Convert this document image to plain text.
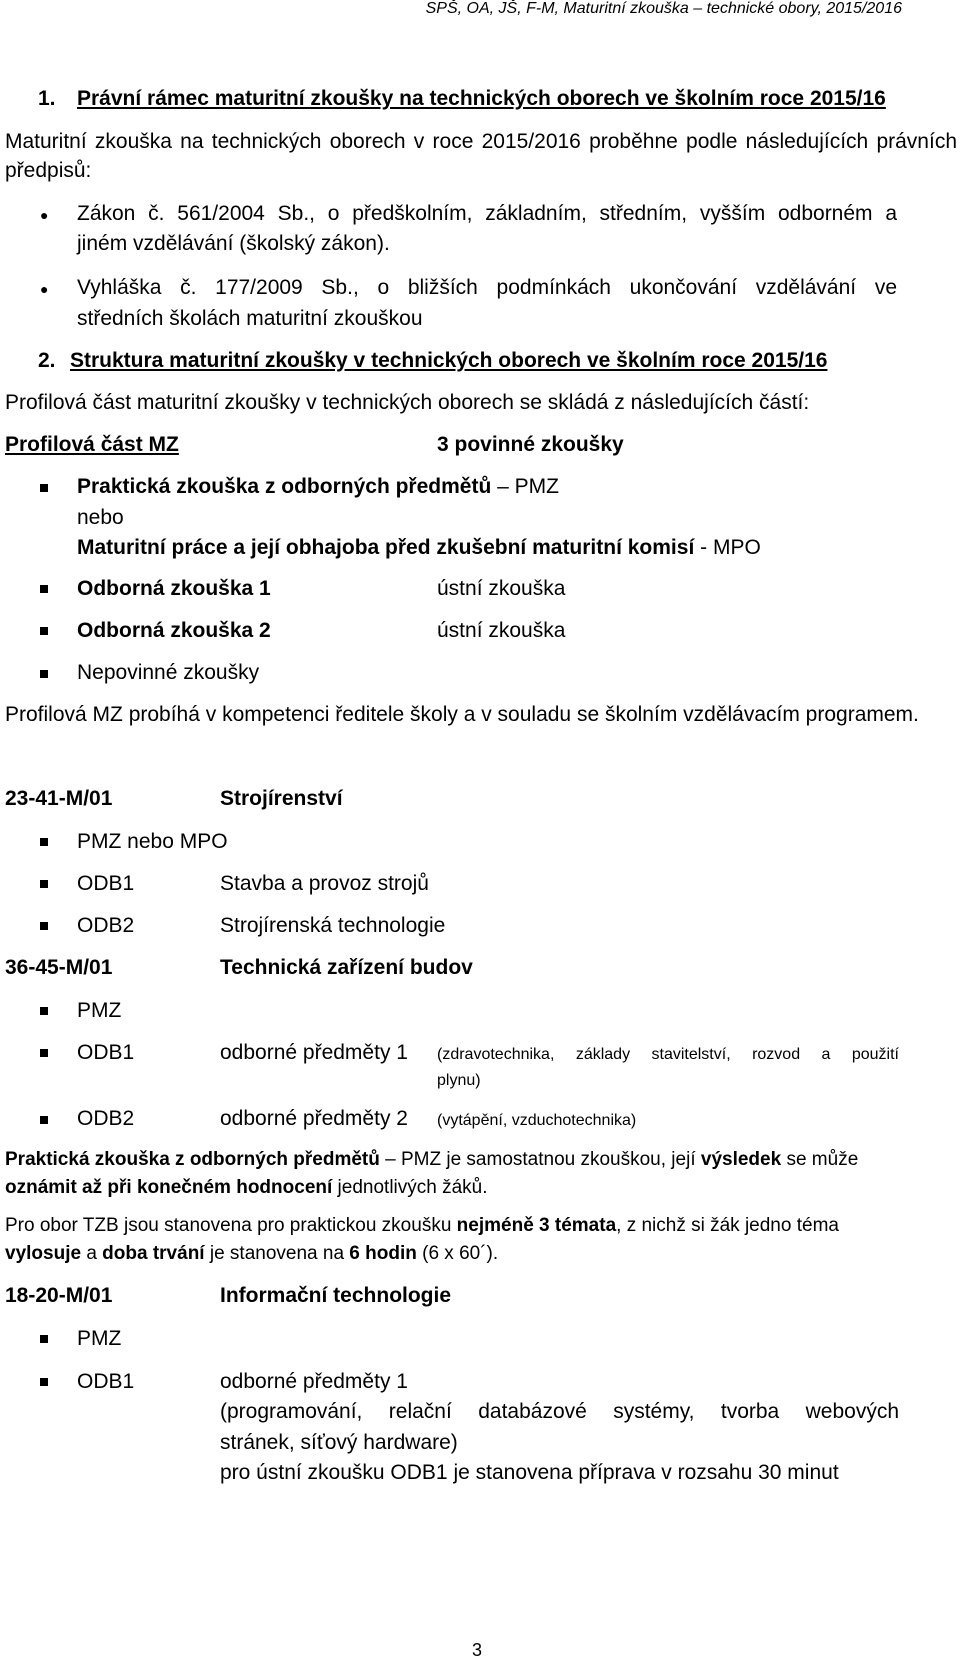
SPŠ, OA, JŠ, F-M, Maturitní zkouška – technické obory, 2015/2016
1. Právní rámec maturitní zkoušky na technických oborech ve školním roce 2015/16
Maturitní zkouška na technických oborech v roce 2015/2016 proběhne podle následujících právních předpisů:
● Zákon č. 561/2004 Sb., o předškolním, základním, středním, vyšším odborném a
jiném vzdělávání (školský zákon).
● Vyhláška č. 177/2009 Sb., o bližších podmínkách ukončování vzdělávání ve
středních školách maturitní zkouškou
2. Struktura maturitní zkoušky v technických oborech ve školním roce 2015/16
Profilová část maturitní zkoušky v technických oborech se skládá z následujících částí:
Profilová část MZ	3 povinné zkoušky
Praktická zkouška z odborných předmětů – PMZ
nebo
Maturitní práce a její obhajoba před zkušební maturitní komisí - MPO
Odborná zkouška 1	ústní zkouška
Odborná zkouška 2	ústní zkouška
Nepovinné zkoušky
Profilová MZ probíhá v kompetenci ředitele školy a v souladu se školním vzdělávacím programem.
23-41-M/01	Strojírenství
PMZ nebo MPO
ODB1	Stavba a provoz strojů
ODB2	Strojírenská technologie
36-45-M/01	Technická zařízení budov
PMZ
ODB1	odborné předměty 1 (zdravotechnika, základy stavitelství, rozvod a použití
plynu)
ODB2	odborné předměty 2 (vytápění, vzduchotechnika)
Praktická zkouška z odborných předmětů – PMZ je samostatnou zkouškou, její výsledek se může
oznámit až při konečném hodnocení jednotlivých žáků.
Pro obor TZB jsou stanovena pro praktickou zkoušku nejméně 3 témata, z nichž si žák jedno téma
vylosuje a doba trvání je stanovena na 6 hodin (6 x 60´).
18-20-M/01	Informační technologie
PMZ
ODB1	odborné předměty 1
(programování, relační databázové systémy, tvorba webových
stránek, síťový hardware)
pro ústní zkoušku ODB1 je stanovena příprava v rozsahu 30 minut
3
